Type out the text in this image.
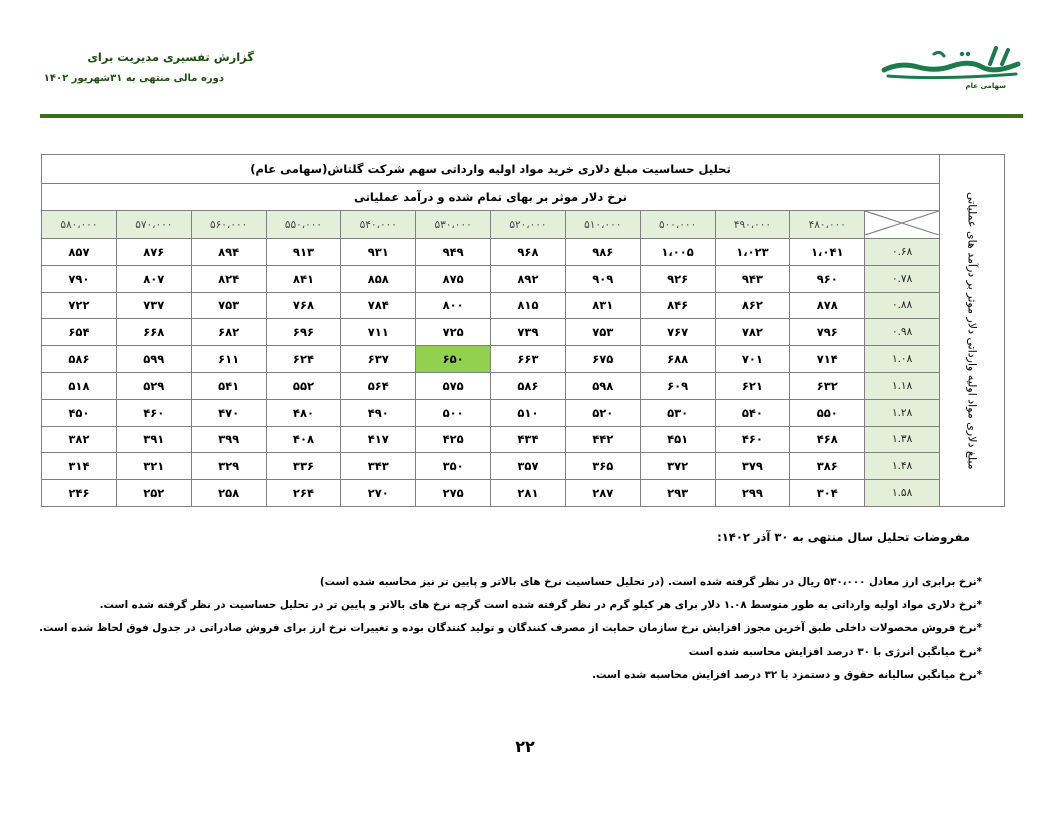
گزارش تفسیری مدیریت برای
دوره مالی منتهی به ۳۱شهریور ۱۴۰۲
سهامی عام
مبلغ دلاری مواد اولیه وارداتی دلار موثر بر درآمد های عملیاتی	تحلیل حساسیت مبلغ دلاری خرید مواد اولیه وارداتی سهم شرکت گلتاش(سهامی عام)											
	نرخ دلار موثر بر بهای تمام شده و درآمد عملیاتی											
	۴۸۰،۰۰۰	۴۹۰،۰۰۰	۵۰۰،۰۰۰	۵۱۰،۰۰۰	۵۲۰،۰۰۰	۵۳۰،۰۰۰	۵۴۰،۰۰۰	۵۵۰،۰۰۰	۵۶۰،۰۰۰	۵۷۰،۰۰۰	۵۸۰،۰۰۰
	۰.۶۸	۱،۰۴۱	۱،۰۲۳	۱،۰۰۵	۹۸۶	۹۶۸	۹۴۹	۹۳۱	۹۱۳	۸۹۴	۸۷۶	۸۵۷
	۰.۷۸	۹۶۰	۹۴۳	۹۲۶	۹۰۹	۸۹۲	۸۷۵	۸۵۸	۸۴۱	۸۲۴	۸۰۷	۷۹۰
	۰.۸۸	۸۷۸	۸۶۲	۸۴۶	۸۳۱	۸۱۵	۸۰۰	۷۸۴	۷۶۸	۷۵۳	۷۳۷	۷۲۲
	۰.۹۸	۷۹۶	۷۸۲	۷۶۷	۷۵۳	۷۳۹	۷۲۵	۷۱۱	۶۹۶	۶۸۲	۶۶۸	۶۵۴
	۱.۰۸	۷۱۴	۷۰۱	۶۸۸	۶۷۵	۶۶۳	۶۵۰	۶۳۷	۶۲۴	۶۱۱	۵۹۹	۵۸۶
	۱.۱۸	۶۳۲	۶۲۱	۶۰۹	۵۹۸	۵۸۶	۵۷۵	۵۶۴	۵۵۲	۵۴۱	۵۲۹	۵۱۸
	۱.۲۸	۵۵۰	۵۴۰	۵۳۰	۵۲۰	۵۱۰	۵۰۰	۴۹۰	۴۸۰	۴۷۰	۴۶۰	۴۵۰
	۱.۳۸	۴۶۸	۴۶۰	۴۵۱	۴۴۲	۴۳۴	۴۲۵	۴۱۷	۴۰۸	۳۹۹	۳۹۱	۳۸۲
	۱.۴۸	۳۸۶	۳۷۹	۳۷۲	۳۶۵	۳۵۷	۳۵۰	۳۴۳	۳۳۶	۳۲۹	۳۲۱	۳۱۴
	۱.۵۸	۳۰۴	۲۹۹	۲۹۳	۲۸۷	۲۸۱	۲۷۵	۲۷۰	۲۶۴	۲۵۸	۲۵۲	۲۴۶
مفروضات تحلیل سال منتهی به ۳۰ آذر ۱۴۰۲:
*نرخ برابری ارز معادل ۵۳۰،۰۰۰ ریال در نظر گرفته شده است. (در تحلیل حساسیت نرخ های بالاتر و پایین تر نیز محاسبه شده است)
*نرخ دلاری مواد اولیه وارداتی به طور متوسط ۱.۰۸ دلار برای هر کیلو گرم در نظر گرفته شده است گرچه نرخ های بالاتر و پایین تر در تحلیل حساسیت در نظر گرفته شده است.
*نرخ فروش محصولات داخلی طبق آخرین مجوز افزایش نرخ سازمان حمایت از مصرف کنندگان و تولید کنندگان بوده و تغییرات نرخ ارز برای فروش صادراتی در جدول فوق لحاظ شده است.
*نرخ میانگین انرژی با ۳۰ درصد افزایش محاسبه شده است
*نرخ میانگین سالیانه حقوق و دستمزد با ۳۲ درصد افزایش محاسبه شده است.
۲۲
